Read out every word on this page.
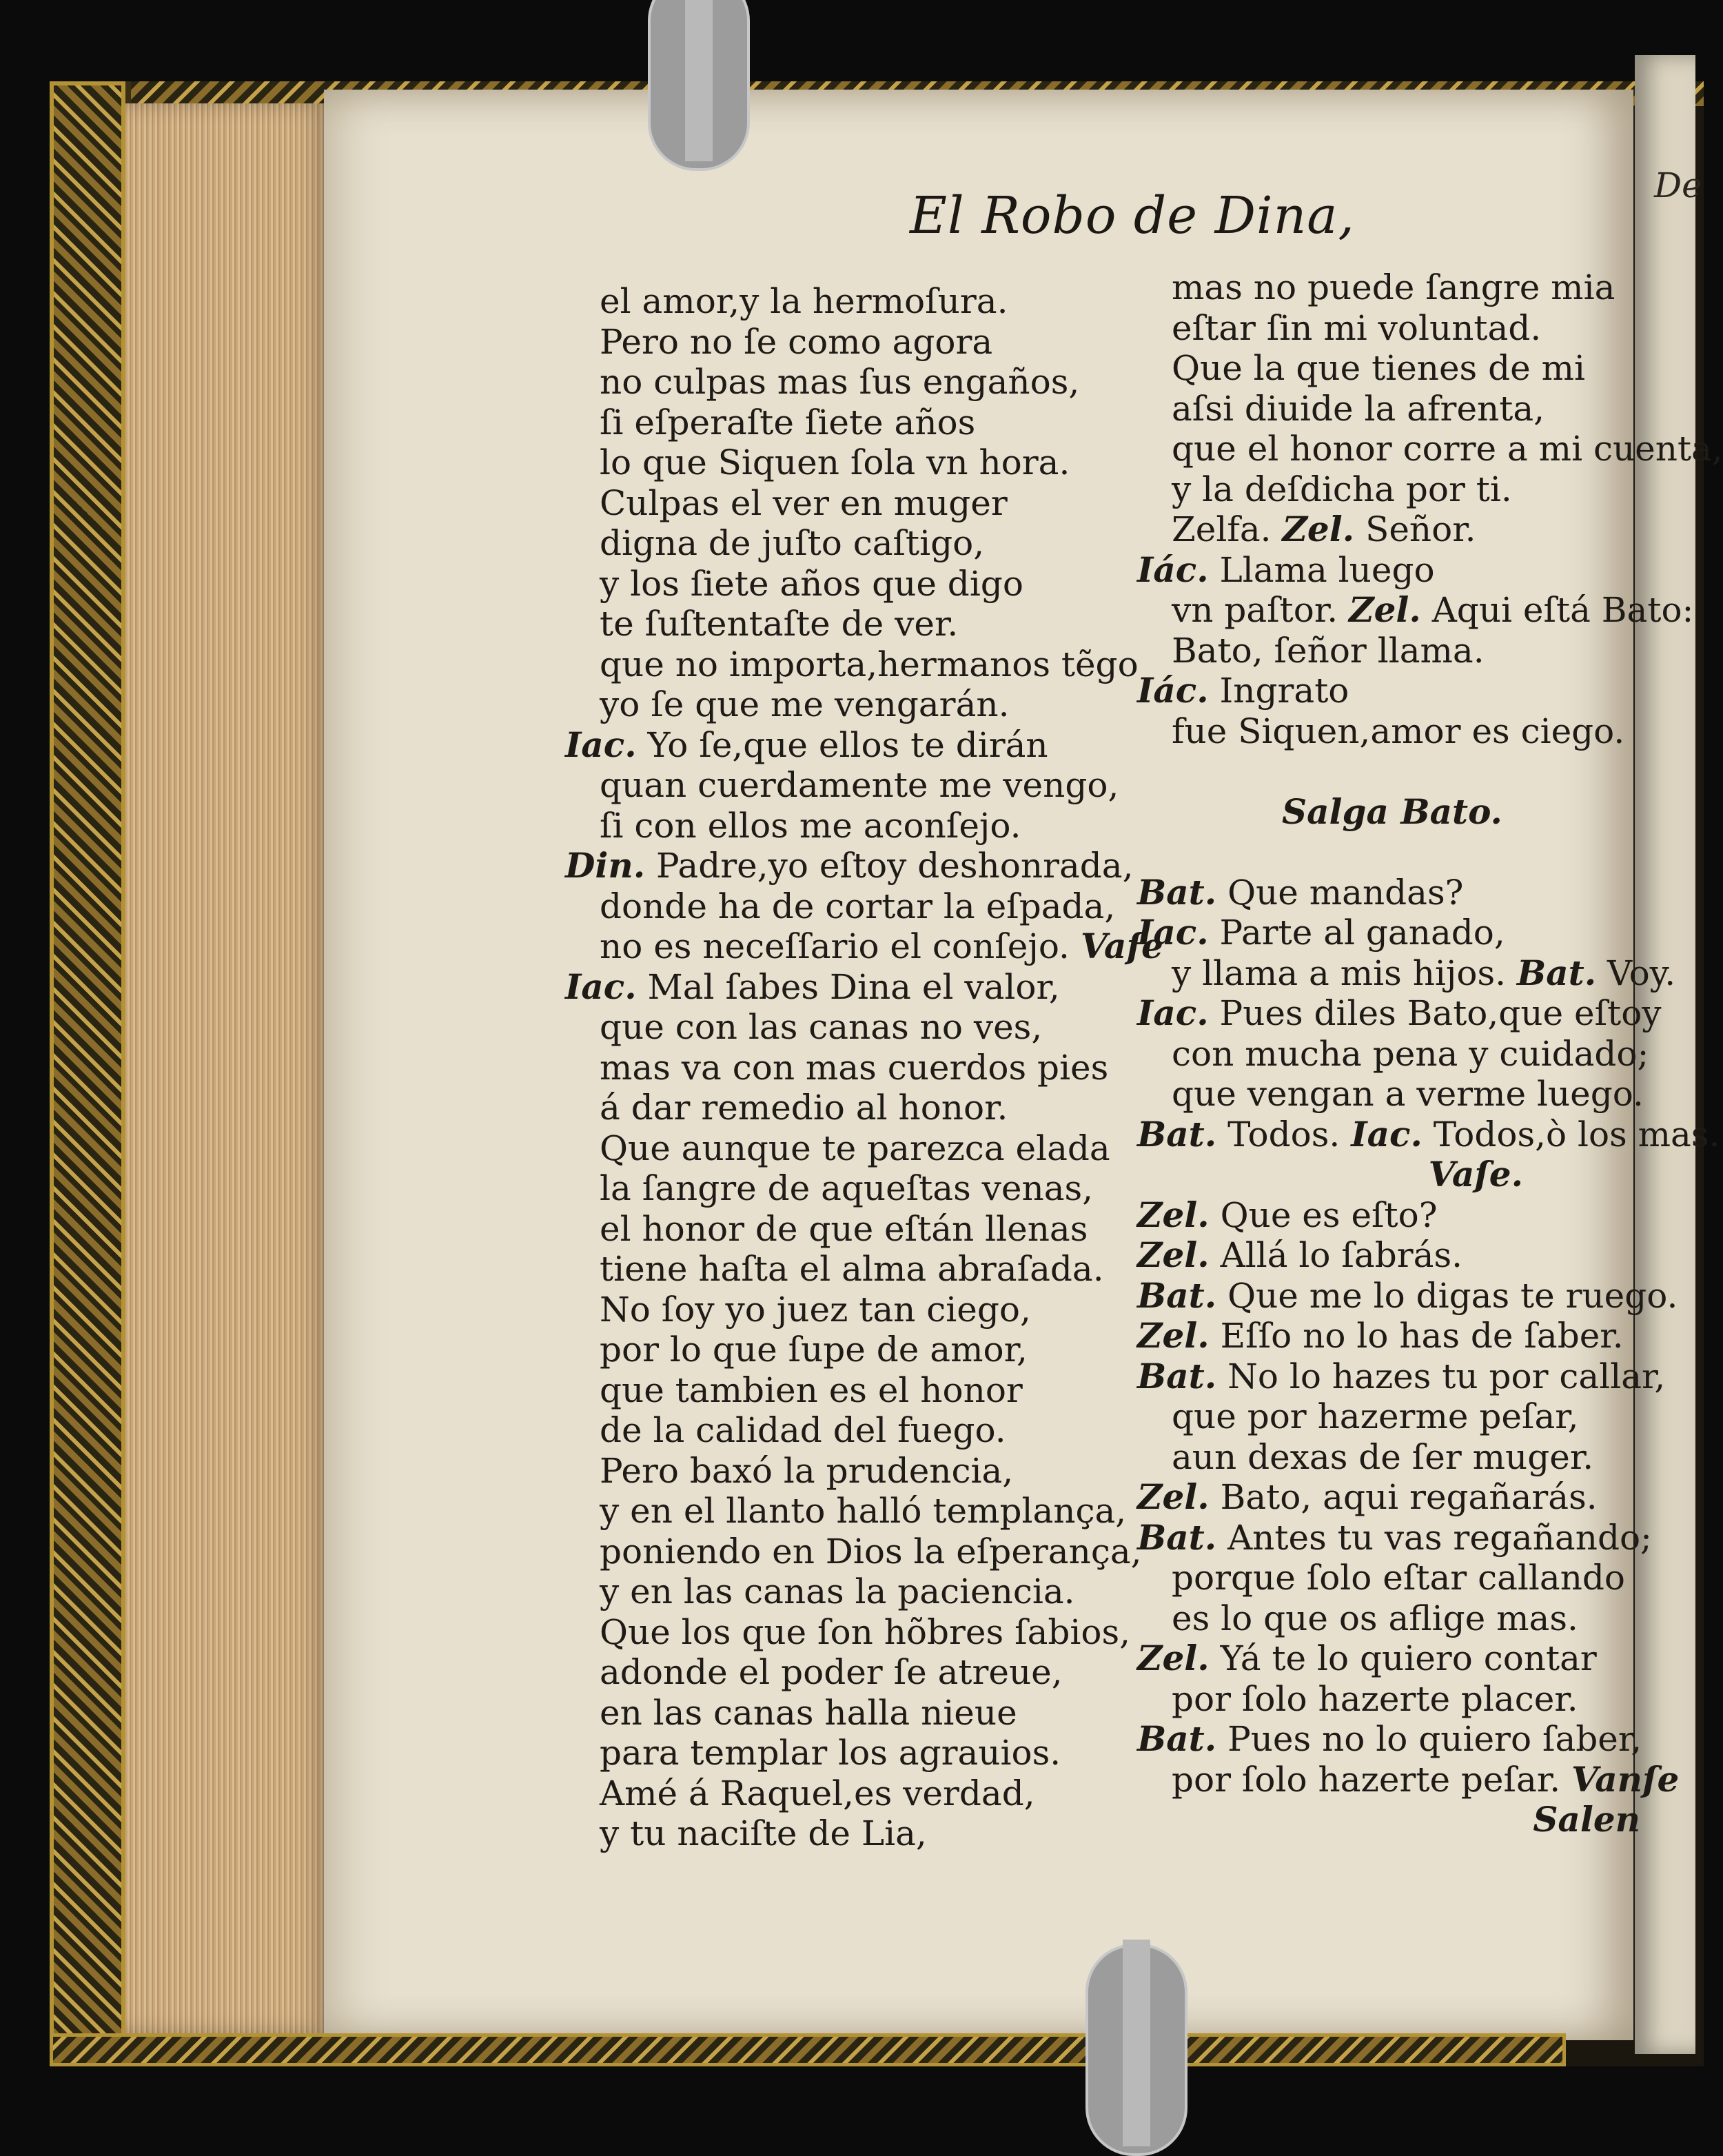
De
El Robo de Dina,
el amor,y la hermoſura.
Pero no ſe como agora
no culpas mas ſus engaños,
ſi eſperaſte ſiete años
lo que Siquen ſola vn hora.
Culpas el ver en muger
digna de juſto caſtigo,
y los ſiete años que digo
te ſuſtentaſte de ver.
que no importa,hermanos tẽgo
yo ſe que me vengarán.
Iac. Yo ſe,que ellos te dirán
quan cuerdamente me vengo,
ſi con ellos me aconſejo.
Din. Padre,yo eſtoy deshonrada,
donde ha de cortar la eſpada,
no es neceſſario el conſejo. Vaſe
Iac. Mal ſabes Dina el valor,
que con las canas no ves,
mas va con mas cuerdos pies
á dar remedio al honor.
Que aunque te parezca elada
la ſangre de aqueſtas venas,
el honor de que eſtán llenas
tiene haſta el alma abraſada.
No ſoy yo juez tan ciego,
por lo que ſupe de amor,
que tambien es el honor
de la calidad del fuego.
Pero baxó la prudencia,
y en el llanto halló templança,
poniendo en Dios la eſperança,
y en las canas la paciencia.
Que los que ſon hõbres ſabios,
adonde el poder ſe atreue,
en las canas halla nieue
para templar los agrauios.
Amé á Raquel,es verdad,
y tu naciſte de Lia,
mas no puede ſangre mia
eſtar ſin mi voluntad.
Que la que tienes de mi
aſsi diuide la afrenta,
que el honor corre a mi cuenta,
y la deſdicha por ti.
Zelfa. Zel. Señor.
Iác. Llama luego
vn paſtor. Zel. Aqui eſtá Bato:
Bato, ſeñor llama.
Iác. Ingrato
fue Siquen,amor es ciego.
Salga Bato.
Bat. Que mandas?
Iac. Parte al ganado,
y llama a mis hijos. Bat. Voy.
Iac. Pues diles Bato,que eſtoy
con mucha pena y cuidado;
que vengan a verme luego.
Bat. Todos. Iac. Todos,ò los mas.
Vaſe.
Zel. Que es eſto?
Zel. Allá lo ſabrás.
Bat. Que me lo digas te ruego.
Zel. Eſſo no lo has de ſaber.
Bat. No lo hazes tu por callar,
que por hazerme peſar,
aun dexas de ſer muger.
Zel. Bato, aqui regañarás.
Bat. Antes tu vas regañando;
porque ſolo eſtar callando
es lo que os aflige mas.
Zel. Yá te lo quiero contar
por ſolo hazerte placer.
Bat. Pues no lo quiero ſaber,
por ſolo hazerte peſar. Vanſe
Salen
